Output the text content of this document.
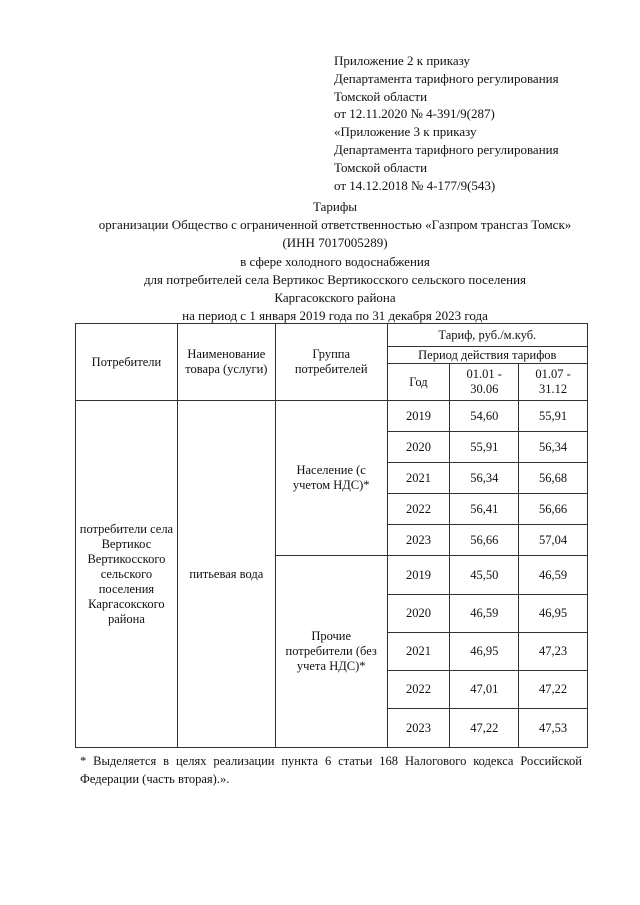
Приложение 2 к приказу
Департамента тарифного регулирования
Томской области
от 12.11.2020 № 4-391/9(287)
«Приложение 3 к приказу
Департамента тарифного регулирования
Томской области
от 14.12.2018 № 4-177/9(543)
Тарифы
организации Общество с ограниченной ответственностью «Газпром трансгаз Томск»
(ИНН 7017005289)
в сфере холодного водоснабжения
для потребителей села Вертикос Вертикосского сельского поселения
Каргасокского района
на период с 1 января 2019 года по 31 декабря 2023 года
Потребители	Наименование товара (услуги)	Группа потребителей	Тариф, руб./м.куб.		
			Период действия тарифов		
			Год	01.01 - 30.06	01.07 - 31.12
потребители села Вертикос Вертикосского сельского поселения Каргасокского района	питьевая вода	Население (с учетом НДС)*	2019	54,60	55,91
			2020	55,91	56,34
			2021	56,34	56,68
			2022	56,41	56,66
			2023	56,66	57,04
		Прочие потребители (без учета НДС)*	2019	45,50	46,59
			2020	46,59	46,95
			2021	46,95	47,23
			2022	47,01	47,22
			2023	47,22	47,53
* Выделяется в целях реализации пункта 6 статьи 168 Налогового кодекса Российской Федерации (часть вторая).».
